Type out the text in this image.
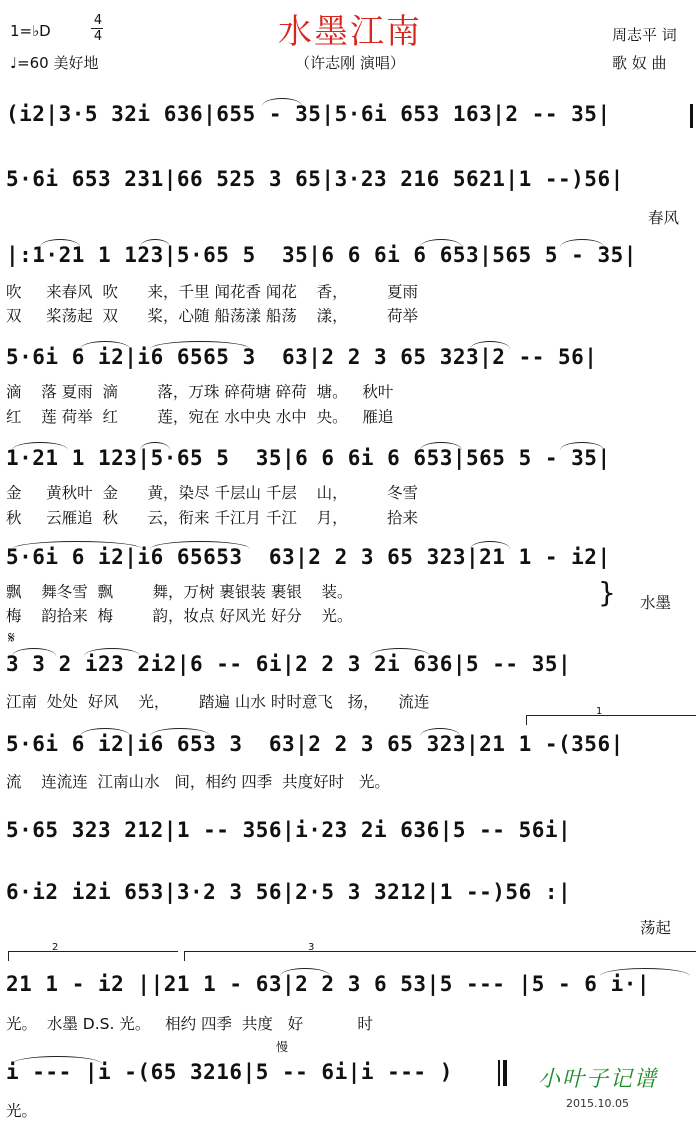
水墨江南
（许志刚 演唱）
1=♭D
4
4
♩=60 美好地
周志平 词
歌 奴 曲
(i2|3·5 32i 636|655 - 35|5·6i 653 163|2 -- 35|
5·6i 653 231|66 525 3 65|3·23 216 5621|1 --)56|
春风
|:1·21 1 123|5·65 5  35|6 6 6i 6 653|565 5 - 35|
吹     来春风  吹      来，千里 闻花香 闻花    香，        夏雨
双     桨荡起  双      桨，心随 船荡漾 船荡    漾，        荷举
5·6i 6 i2|i6 6565 3  63|2 2 3 65 323|2 -- 56|
滴    落 夏雨  滴        落，万珠 碎荷塘 碎荷  塘。   秋叶
红    莲 荷举  红        莲，宛在 水中央 水中  央。   雁追
1·21 1 123|5·65 5  35|6 6 6i 6 653|565 5 - 35|
金     黄秋叶  金      黄，染尽 千层山 千层    山，        冬雪
秋     云雁追  秋      云，衔来 千江月 千江    月，        拾来
5·6i 6 i2|i6 65653  63|2 2 3 65 323|21 1 - i2|
飘    舞冬雪  飘        舞，万树 裹银装 裹银    装。
梅    韵拾来  梅        韵，妆点 好风光 好分    光。
} 水墨
𝄋
3 3 2 i23 2i2|6 -- 6i|2 2 3 2i 636|5 -- 35|
江南  处处  好风    光，      踏遍 山水 时时意飞   扬，    流连
1
5·6i 6 i2|i6 653 3  63|2 2 3 65 323|21 1 -(356|
流    连流连  江南山水   间，相约 四季  共度好时   光。
5·65 323 212|1 -- 356|i·23 2i 636|5 -- 56i|
6·i2 i2i 653|3·2 3 56|2·5 3 3212|1 --)56 :|
荡起
2	3
21 1 - i2 ||21 1 - 63|2 2 3 6 53|5 --- |5 - 6 i·|
光。  水墨 D.S. 光。   相约 四季  共度   好           时
慢
i --- |i -(65 3216|5 -- 6i|i --- )
光。
小叶子记谱
2015.10.05
